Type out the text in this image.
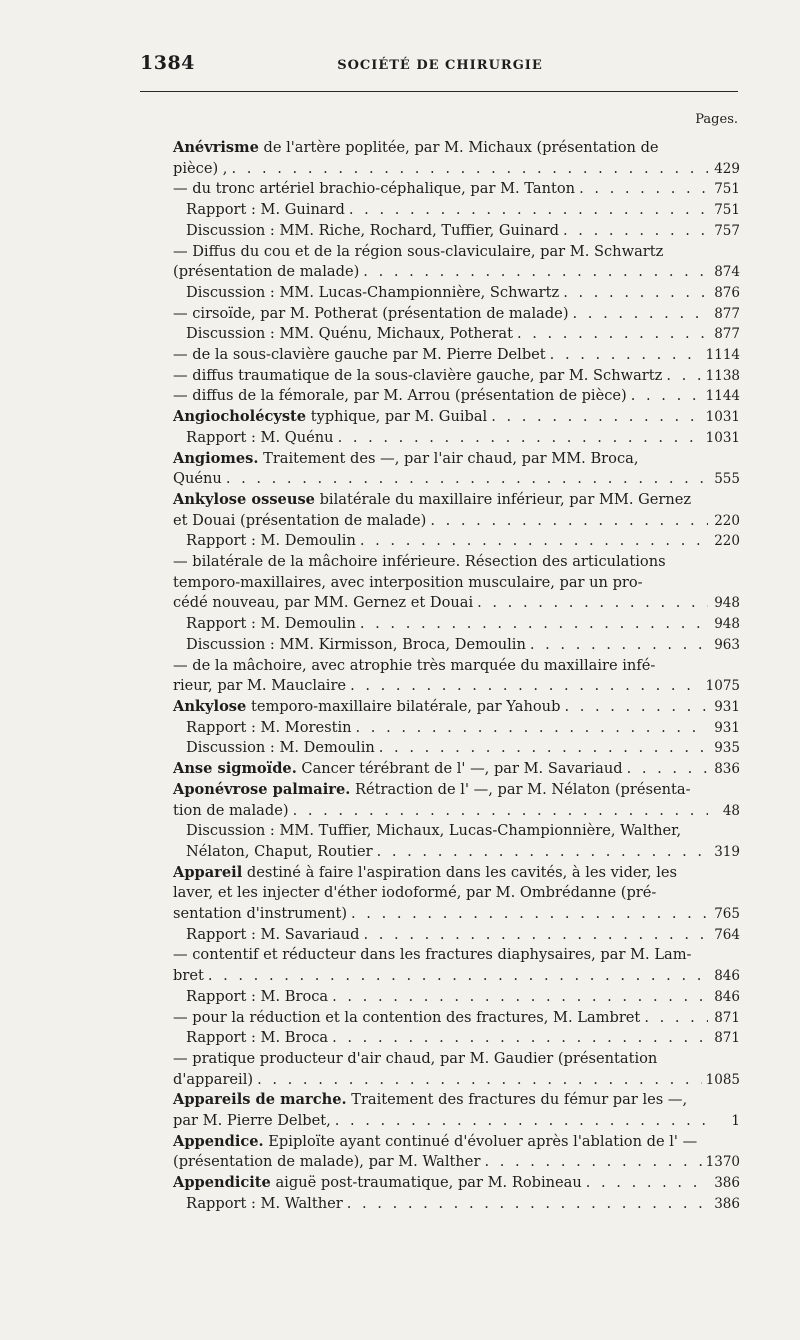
1384	SOCIÉTÉ DE CHIRURGIE
Pages.
Anévrisme de l'artère poplitée, par M. Michaux (présentation de
pièce) , . . .	429
— du tronc artériel brachio-céphalique, par M. Tanton . . .	751
Rapport : M. Guinard . . .	751
Discussion : MM. Riche, Rochard, Tuffier, Guinard . . .	757
— Diffus du cou et de la région sous-claviculaire, par M. Schwartz
(présentation de malade) . . .	874
Discussion : MM. Lucas-Championnière, Schwartz . . .	876
— cirsoïde, par M. Potherat (présentation de malade) . . .	877
Discussion : MM. Quénu, Michaux, Potherat . . .	877
— de la sous-clavière gauche par M. Pierre Delbet . . .	1114
— diffus traumatique de la sous-clavière gauche, par M. Schwartz . . .	1138
— diffus de la fémorale, par M. Arrou (présentation de pièce) . . .	1144
Angiocholécyste typhique, par M. Guibal . . .	1031
Rapport : M. Quénu . . .	1031
Angiomes. Traitement des —, par l'air chaud, par MM. Broca,
Quénu . . .	555
Ankylose osseuse bilatérale du maxillaire inférieur, par MM. Gernez
et Douai (présentation de malade) . . .	220
Rapport : M. Demoulin . . .	220
— bilatérale de la mâchoire inférieure. Résection des articulations
temporo-maxillaires, avec interposition musculaire, par un pro-
cédé nouveau, par MM. Gernez et Douai . . .	948
Rapport : M. Demoulin . . .	948
Discussion : MM. Kirmisson, Broca, Demoulin . . .	963
— de la mâchoire, avec atrophie très marquée du maxillaire infé-
rieur, par M. Mauclaire . . .	1075
Ankylose temporo-maxillaire bilatérale, par Yahoub . . .	931
Rapport : M. Morestin . . .	931
Discussion : M. Demoulin . . .	935
Anse sigmoïde. Cancer térébrant de l' —, par M. Savariaud . . .	836
Aponévrose palmaire. Rétraction de l' —, par M. Nélaton (présenta-
tion de malade) . . .	48
Discussion : MM. Tuffier, Michaux, Lucas-Championnière, Walther,
Nélaton, Chaput, Routier . . .	319
Appareil destiné à faire l'aspiration dans les cavités, à les vider, les
laver, et les injecter d'éther iodoformé, par M. Ombrédanne (pré-
sentation d'instrument) . . .	765
Rapport : M. Savariaud . . .	764
— contentif et réducteur dans les fractures diaphysaires, par M. Lam-
bret . . .	846
Rapport : M. Broca . . .	846
— pour la réduction et la contention des fractures, M. Lambret . . .	871
Rapport : M. Broca . . .	871
— pratique producteur d'air chaud, par M. Gaudier (présentation
d'appareil) . . .	1085
Appareils de marche. Traitement des fractures du fémur par les —,
par M. Pierre Delbet, . . .	1
Appendice. Epiploïte ayant continué d'évoluer après l'ablation de l' —
(présentation de malade), par M. Walther . . .	1370
Appendicite aiguë post-traumatique, par M. Robineau . . .	386
Rapport : M. Walther . . .	386
